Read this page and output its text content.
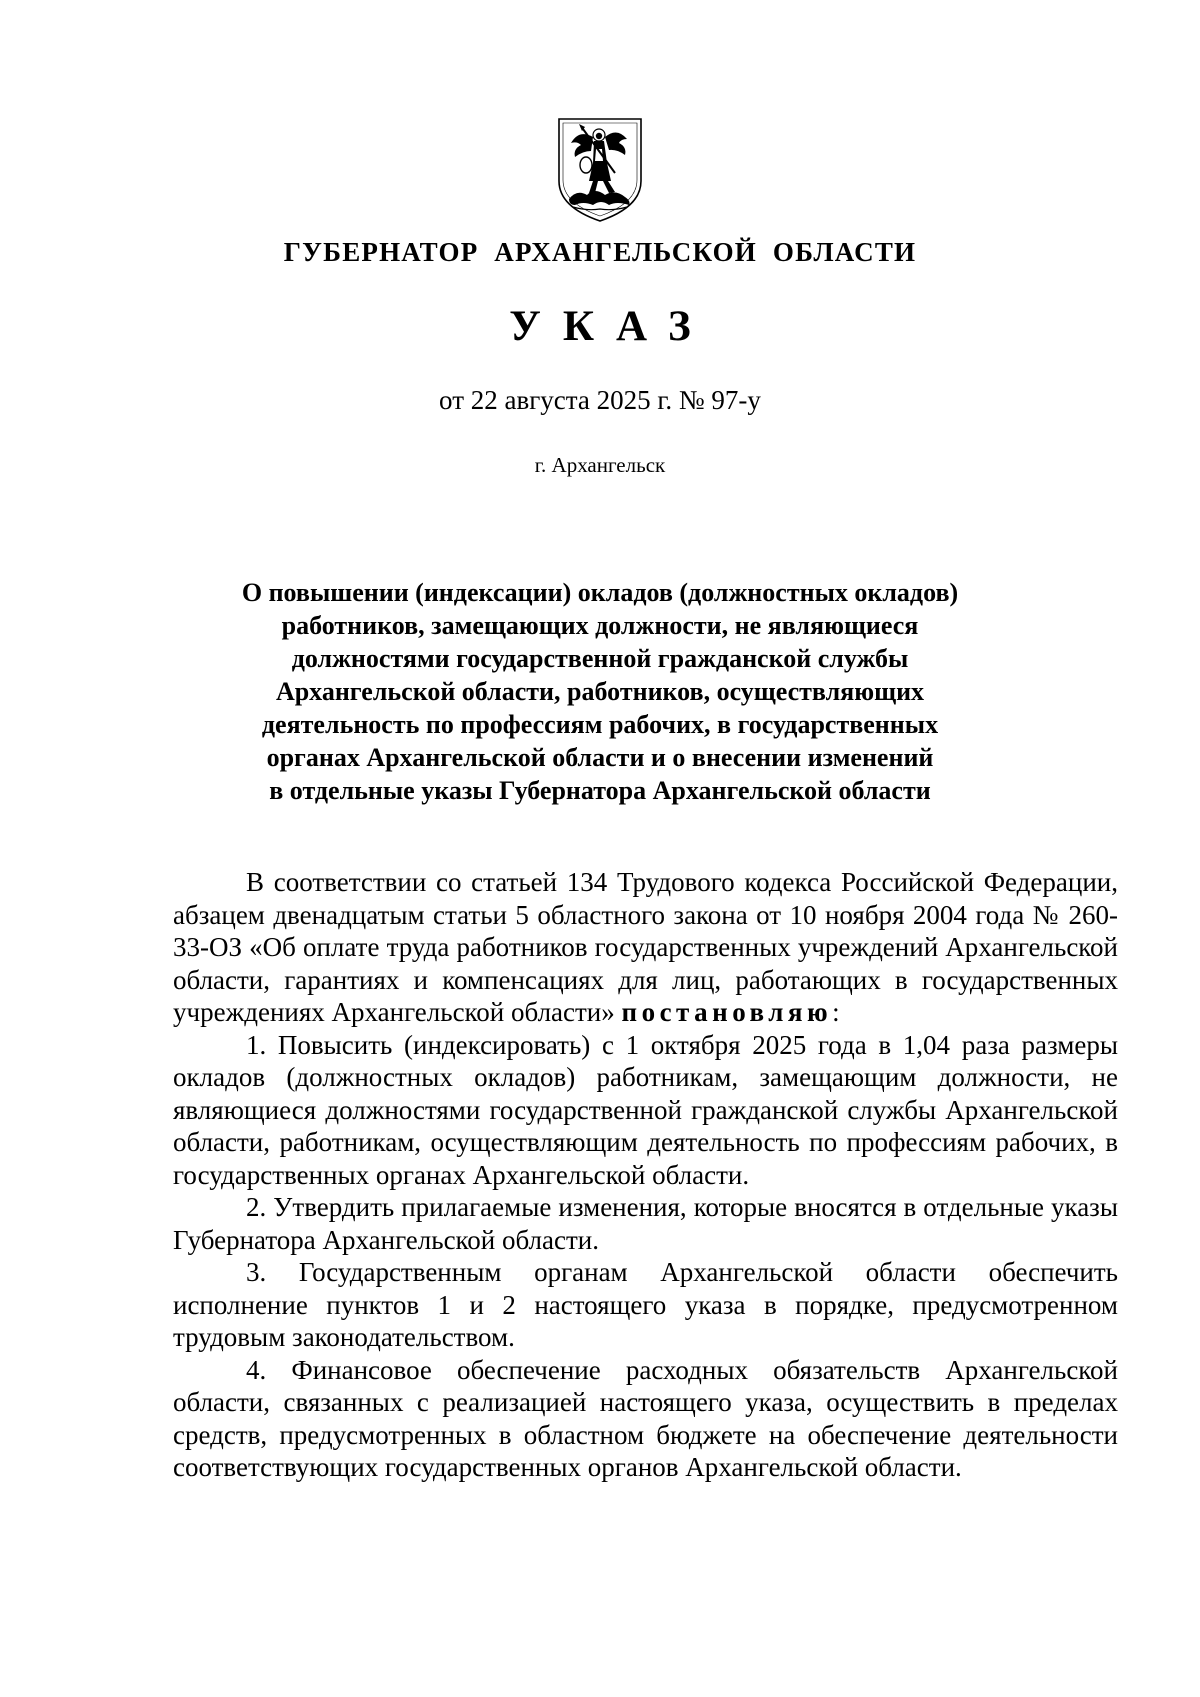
ГУБЕРНАТОР  АРХАНГЕЛЬСКОЙ  ОБЛАСТИ
УКАЗ
от 22 августа 2025 г. № 97-у
г. Архангельск
О повышении (индексации) окладов (должностных окладов)
работников, замещающих должности, не являющиеся
должностями государственной гражданской службы
Архангельской области, работников, осуществляющих
деятельность по профессиям рабочих, в государственных
органах Архангельской области и о внесении изменений
в отдельные указы Губернатора Архангельской области

В соответствии со статьей 134 Трудового кодекса Российской Федерации, абзацем двенадцатым статьи 5 областного закона от 10 ноября 2004 года № 260-33-ОЗ «Об оплате труда работников государственных учреждений Архангельской области, гарантиях и компенсациях для лиц, работающих в государственных учреждениях Архангельской области» постановляю:

1. Повысить (индексировать) с 1 октября 2025 года в 1,04 раза размеры окладов (должностных окладов) работникам, замещающим должности, не являющиеся должностями государственной гражданской службы Архангельской области, работникам, осуществляющим деятельность по профессиям рабочих, в государственных органах Архангельской области.

2. Утвердить прилагаемые изменения, которые вносятся в отдельные указы Губернатора Архангельской области.

3. Государственным органам Архангельской области обеспечить исполнение пунктов 1 и 2 настоящего указа в порядке, предусмотренном трудовым законодательством.

4. Финансовое обеспечение расходных обязательств Архангельской области, связанных с реализацией настоящего указа, осуществить в пределах средств, предусмотренных в областном бюджете на обеспечение деятельности соответствующих государственных органов Архангельской области.
